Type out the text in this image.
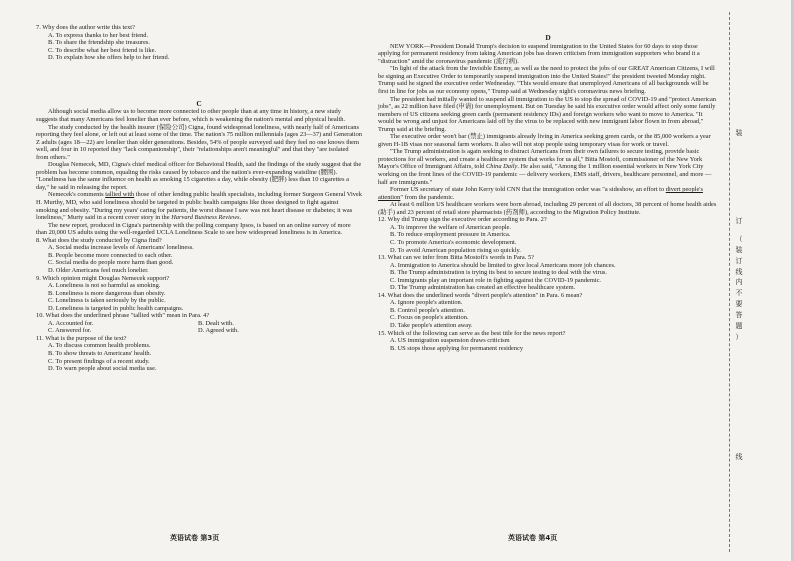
7. Why does the author write this text?

A. To express thanks to her best friend.

B. To share the friendship she treasures.

C. To describe what her best friend is like.

D. To explain how she offers help to her friend.

C

Although social media allow us to become more connected to other people than at any time in history, a new study suggests that many Americans feel lonelier than ever before, which is weakening the nation's mental and physical health.

The study conducted by the health insurer (保险公司) Cigna, found widespread loneliness, with nearly half of Americans reporting they feel alone, or left out at least some of the time. The nation's 75 million millennials (ages 23—37) and Generation Z adults (ages 18—22) are lonelier than older generations. Besides, 54% of people surveyed said they feel no one knows them well, and four in 10 reported they "lack companionship", their "relationships aren't meaningful" and that they "are isolated from others."

Douglas Nemecek, MD, Cigna's chief medical officer for Behavioral Health, said the findings of the study suggest that the problem has become common, equaling the risks caused by tobacco and the nation's ever-expanding waistline (腰围). "Loneliness has the same influence on health as smoking 15 cigarettes a day, while obesity (肥胖) less than 10 cigarettes a day," he said in releasing the report.

Nemecek's comments tallied with those of other lending public health specialists, including former Surgeon General Vivek H. Murthy, MD, who said loneliness should be targeted in public health campaigns like those designed to fight against smoking and obesity. "During my years' caring for patients, the worst disease I saw was not heart disease or diabetes; it was loneliness," Murty said in a recent cover story in the Harvard Business Reviews.

The new report, produced in Cigna's partnership with the polling company Ipsos, is based on an online survey of more than 20,000 US adults using the well-regarded UCLA Loneliness Scale to see how widespread loneliness is in America.

8. What does the study conducted by Cigna find?

A. Social media increase levels of Americans' loneliness.

B. People become more connected to each other.

C. Social media do people more harm than good.

D. Older Americans feel much lonelier.

9. Which opinion might Douglas Nemecek support?

A. Loneliness is not so harmful as smoking.

B. Loneliness is more dangerous than obesity.

C. Loneliness is taken seriously by the public.

D. Loneliness is targeted in public health campaigns.

10. What does the underlined phrase "tallied with" mean in Para. 4?

A. Accounted for.	B. Dealt with.
C. Answered for.	D. Agreed with.

11. What is the purpose of the text?

A. To discuss common health problems.

B. To show threats to Americans' health.

C. To present findings of a recent study.

D. To warn people about social media use.

D

NEW YORK—President Donald Trump's decision to suspend immigration to the United States for 60 days to stop those applying for permanent residency from taking American jobs has drawn criticism from immigration supporters who brand it a "distraction" amid the coronavirus pandemic (流行病).

"In light of the attack from the Invisible Enemy, as well as the need to protect the jobs of our GREAT American Citizens, I will be signing an Executive Order to temporarily suspend immigration into the United States!" the president tweeted Monday night. Trump said he signed the executive order Wednesday. "This would ensure that unemployed Americans of all backgrounds will be first in line for jobs as our economy opens," Trump said at Wednesday night's coronavirus news briefing.

The president had initially wanted to suspend all immigration to the US to stop the spread of COVID-19 and "protect American jobs", as 22 million have filed (申请) for unemployment. But on Tuesday he said his executive order would affect only some family members of US citizens seeking green cards (permanent residency IDs) and foreign workers who want to move to America. "It would be wrong and unjust for Americans laid off by the virus to be replaced with new immigrant labor flown in from abroad," Trump said at the briefing.

The executive order won't bar (禁止) immigrants already living in America seeking green cards, or the 85,000 workers a year given H-1B visas nor seasonal farm workers. It also will not stop people using temporary visas for work or travel.

"The Trump administration is again seeking to distract Americans from their own failures to secure testing, provide basic protections for all workers, and create a healthcare system that works for us all," Bitta Mostofi, commissioner of the New York Mayor's Office of Immigrant Affairs, told China Daily. He also said, "Among the 1 million essential workers in New York City working on the front lines of the COVID-19 pandemic — delivery workers, EMS staff, drivers, healthcare personnel, and more — half are immigrants."

Former US secretary of state John Kerry told CNN that the immigration order was "a sideshow, an effort to divert people's attention" from the pandemic.

At least 6 million US healthcare workers were born abroad, including 29 percent of all doctors, 38 percent of home health aides (助手) and 23 percent of retail store pharmacists (药剂师), according to the Migration Policy Institute.

12. Why did Trump sign the executive order according to Para. 2?

A. To improve the welfare of American people.

B. To reduce employment pressure in America.

C. To promote America's economic development.

D. To avoid American population rising so quickly.

13. What can we infer from Bitta Mostofi's words in Para. 5?

A. Immigration to America should be limited to give local Americans more job chances.

B. The Trump administration is trying its best to secure testing to deal with the virus.

C. Immigrants play an important role in fighting against the COVID-19 pandemic.

D. The Trump administration has created an effective healthcare system.

14. What does the underlined words "divert people's attention" in Para. 6 mean?

A. Ignore people's attention.

B. Control people's attention.

C. Focus on people's attention.

D. Take people's attention away.

15. Which of the following can serve as the best title for the news report?

A. US immigration suspension draws criticism

B. US stops those applying for permanent residency

英语试卷 第3页	英语试卷 第4页
装
订
（
装
订
线
内
不
要
答
题
）
线
